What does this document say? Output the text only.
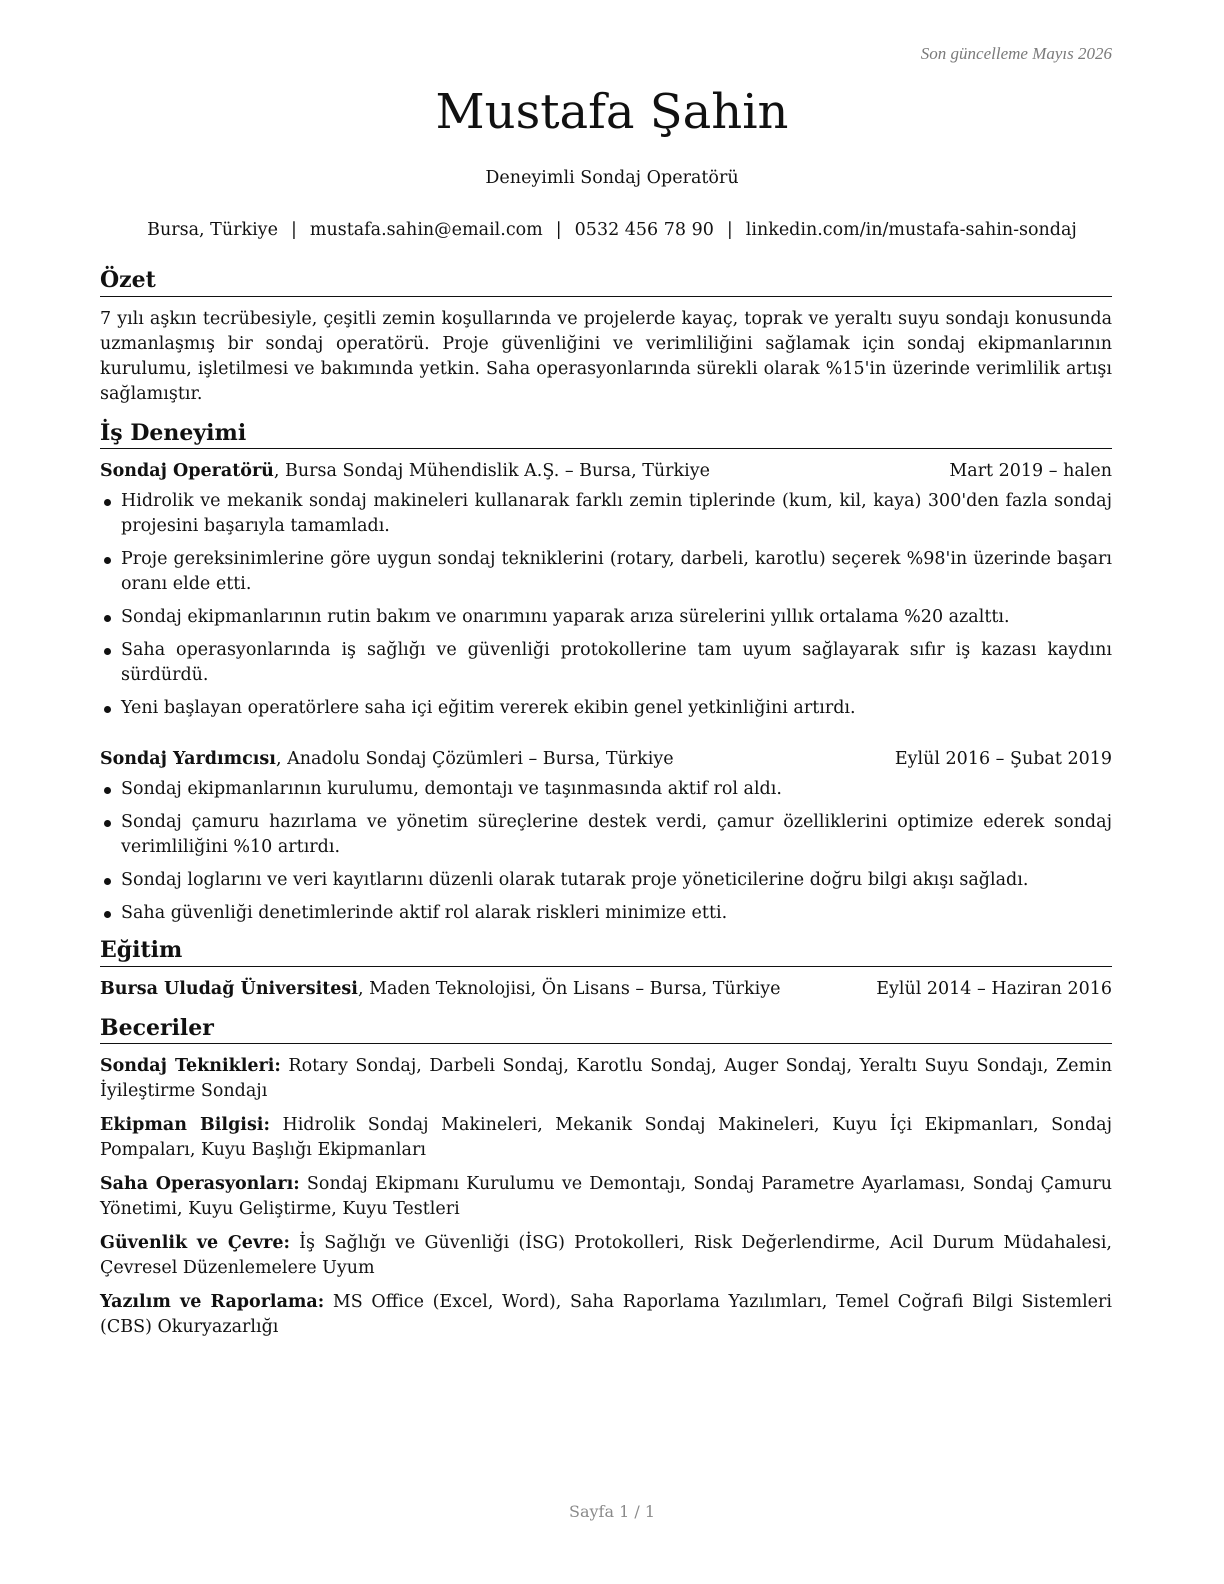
Son güncelleme Mayıs 2026
Mustafa Şahin
Deneyimli Sondaj Operatörü
Bursa, Türkiye | mustafa.sahin@email.com | 0532 456 78 90 | linkedin.com/in/mustafa-sahin-sondaj
Özet

7 yılı aşkın tecrübesiyle, çeşitli zemin koşullarında ve projelerde kayaç, toprak ve yeraltı suyu sondajı konusunda uzmanlaşmış bir sondaj operatörü. Proje güvenliğini ve verimliliğini sağlamak için sondaj ekipmanlarının kurulumu, işletilmesi ve bakımında yetkin. Saha operasyonlarında sürekli olarak %15'in üzerinde verimlilik artışı sağlamıştır.

İş Deneyimi
Sondaj Operatörü, Bursa Sondaj Mühendislik A.Ş. – Bursa, Türkiye	Mart 2019 – halen
Hidrolik ve mekanik sondaj makineleri kullanarak farklı zemin tiplerinde (kum, kil, kaya) 300'den fazla sondaj projesini başarıyla tamamladı.
Proje gereksinimlerine göre uygun sondaj tekniklerini (rotary, darbeli, karotlu) seçerek %98'in üzerinde başarı oranı elde etti.
Sondaj ekipmanlarının rutin bakım ve onarımını yaparak arıza sürelerini yıllık ortalama %20 azalttı.
Saha operasyonlarında iş sağlığı ve güvenliği protokollerine tam uyum sağlayarak sıfır iş kazası kaydını sürdürdü.
Yeni başlayan operatörlere saha içi eğitim vererek ekibin genel yetkinliğini artırdı.
Sondaj Yardımcısı, Anadolu Sondaj Çözümleri – Bursa, Türkiye	Eylül 2016 – Şubat 2019
Sondaj ekipmanlarının kurulumu, demontajı ve taşınmasında aktif rol aldı.
Sondaj çamuru hazırlama ve yönetim süreçlerine destek verdi, çamur özelliklerini optimize ederek sondaj verimliliğini %10 artırdı.
Sondaj loglarını ve veri kayıtlarını düzenli olarak tutarak proje yöneticilerine doğru bilgi akışı sağladı.
Saha güvenliği denetimlerinde aktif rol alarak riskleri minimize etti.
Eğitim
Bursa Uludağ Üniversitesi, Maden Teknolojisi, Ön Lisans – Bursa, Türkiye	Eylül 2014 – Haziran 2016
Beceriler

Sondaj Teknikleri: Rotary Sondaj, Darbeli Sondaj, Karotlu Sondaj, Auger Sondaj, Yeraltı Suyu Sondajı, Zemin İyileştirme Sondajı

Ekipman Bilgisi: Hidrolik Sondaj Makineleri, Mekanik Sondaj Makineleri, Kuyu İçi Ekipmanları, Sondaj Pompaları, Kuyu Başlığı Ekipmanları

Saha Operasyonları: Sondaj Ekipmanı Kurulumu ve Demontajı, Sondaj Parametre Ayarlaması, Sondaj Çamuru Yönetimi, Kuyu Geliştirme, Kuyu Testleri

Güvenlik ve Çevre: İş Sağlığı ve Güvenliği (İSG) Protokolleri, Risk Değerlendirme, Acil Durum Müdahalesi, Çevresel Düzenlemelere Uyum

Yazılım ve Raporlama: MS Office (Excel, Word), Saha Raporlama Yazılımları, Temel Coğrafi Bilgi Sistemleri (CBS) Okuryazarlığı

Sayfa 1 / 1
